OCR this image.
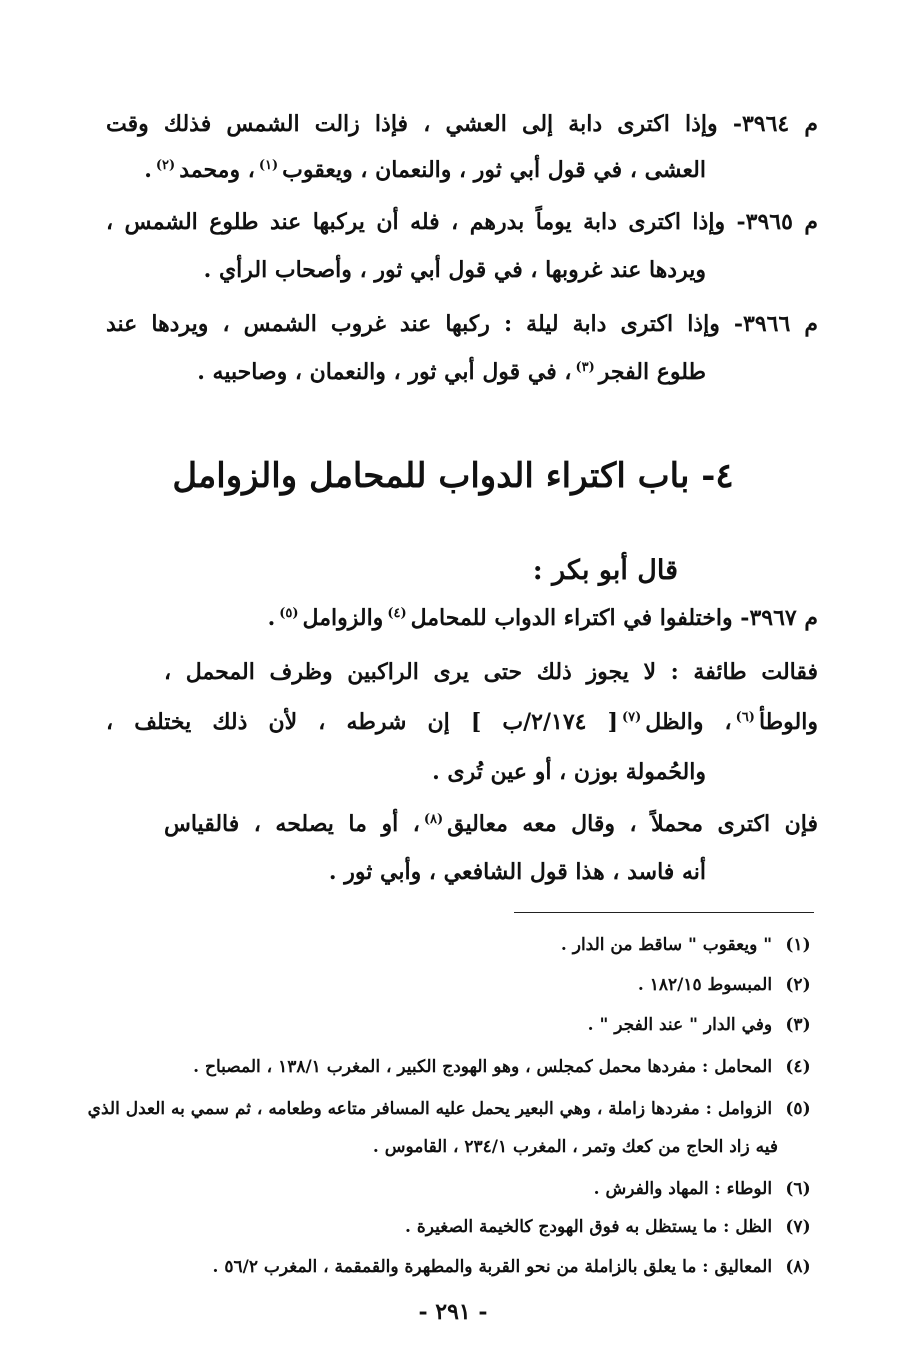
م ٣٩٦٤- وإذا اكترى دابة إلى العشي ، فإذا زالت الشمس فذلك وقت
العشى ، في قول أبي ثور ، والنعمان ، ويعقوب$^{(١)}$، ومحمد$^{(٢)}$.
م ٣٩٦٥- وإذا اكترى دابة يوماً بدرهم ، فله أن يركبها عند طلوع الشمس ،
ويردها عند غروبها ، في قول أبي ثور ، وأصحاب الرأي .
م ٣٩٦٦- وإذا اكترى دابة ليلة : ركبها عند غروب الشمس ، ويردها عند
طلوع الفجر$^{(٣)}$، في قول أبي ثور ، والنعمان ، وصاحبيه .
٤- باب اكتراء الدواب للمحامل والزوامل
قال أبو بكر :
م ٣٩٦٧- واختلفوا في اكتراء الدواب للمحامل$^{(٤)}$والزوامل$^{(٥)}$.
فقالت طائفة : لا يجوز ذلك حتى يرى الراكبين وظرف المحمل ،
والوطأ$^{(٦)}$، والظل$^{(٧)}$[ ٢/١٧٤/ب ] إن شرطه ، لأن ذلك يختلف ،
والحُمولة بوزن ، أو عين تُرى .
فإن اكترى محملاً ، وقال معه معاليق$^{(٨)}$، أو ما يصلحه ، فالقياس
أنه فاسد ، هذا قول الشافعي ، وأبي ثور .
(١) " ويعقوب " ساقط من الدار .
(٢) المبسوط ١٨٢/١٥ .
(٣) وفي الدار " عند الفجر " .
(٤) المحامل : مفردها محمل كمجلس ، وهو الهودج الكبير ، المغرب ١٣٨/١ ، المصباح .
(٥) الزوامل : مفردها زاملة ، وهي البعير يحمل عليه المسافر متاعه وطعامه ، ثم سمي به العدل الذي
فيه زاد الحاج من كعك وتمر ، المغرب ٢٣٤/١ ، القاموس .
(٦) الوطاء : المهاد والفرش .
(٧) الظل : ما يستظل به فوق الهودج كالخيمة الصغيرة .
(٨) المعاليق : ما يعلق بالزاملة من نحو القربة والمطهرة والقمقمة ، المغرب ٥٦/٢ .
- ٢٩١ -
